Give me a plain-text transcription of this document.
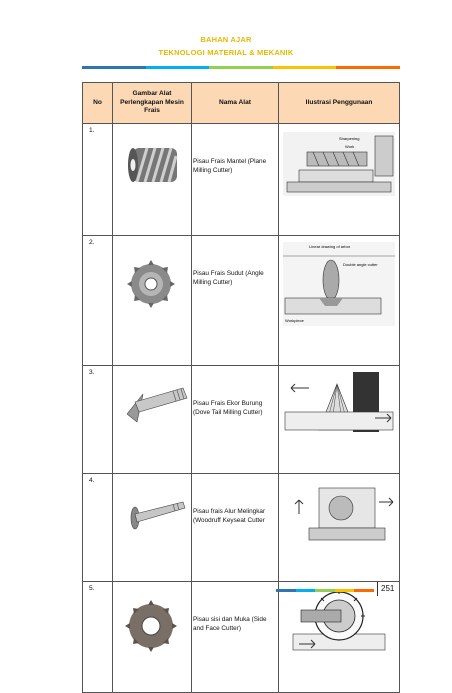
BAHAN AJAR
TEKNOLOGI MATERIAL & MEKANIK
No	Gambar Alat Perlengkapan Mesin Frais	Nama Alat	Ilustrasi Penggunaan
1.		Pisau Frais Mantel (Plane Milling Cutter)	Sharpening
Work

2.		Pisau Frais Sudut (Angle Milling Cutter)	Linear drawing of arbor
Double angle cutter
Workpiece

3.		Pisau Frais Ekor Burung (Dove Tail Milling Cutter)	

4.		Pisau frais Alur Melingkar (Woodruff Keyseat Cutter	

5.		Pisau sisi dan Muka (Side and Face Cutter)	
251
